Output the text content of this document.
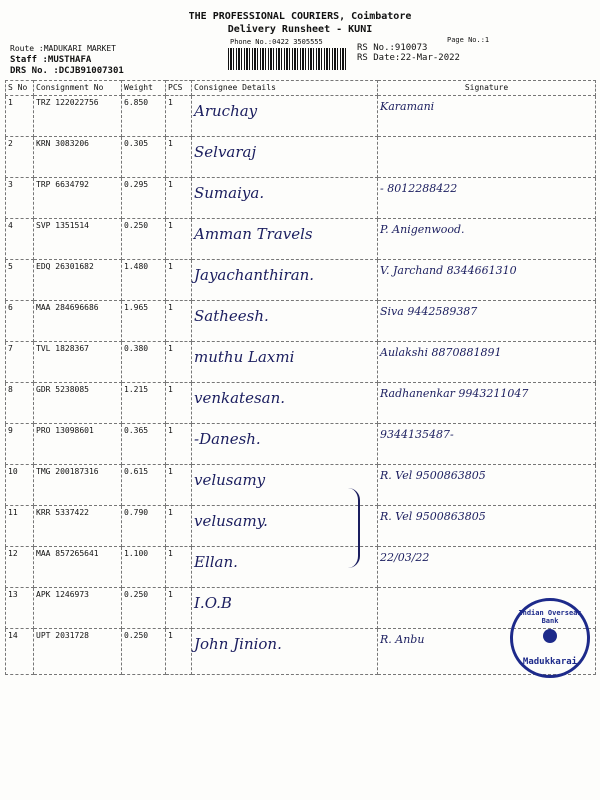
THE PROFESSIONAL COURIERS, Coimbatore
Delivery Runsheet - KUNI
Phone No.:0422 3505555	Page No.:1
Route :MADUKARI MARKET
Staff :MUSTHAFA
DRS No. :DCJB91007301
RS No.:910073
RS Date:22-Mar-2022
S No	Consignment No	Weight	PCS	Consignee Details	Signature
1	TRZ 122022756	6.850	1	Aruchay	Karamani

2	KRN 3083206	0.305	1	Selvaraj	

3	TRP 6634792	0.295	1	Sumaiya.	- 8012288422

4	SVP 1351514	0.250	1	Amman Travels	P. Anigenwood.

5	EDQ 26301682	1.480	1	Jayachanthiran.	V. Jarchand 8344661310

6	MAA 284696686	1.965	1	Satheesh.	Siva 9442589387

7	TVL 1828367	0.380	1	muthu Laxmi	Aulakshi 8870881891

8	GDR 5238085	1.215	1	venkatesan.	Radhanenkar 9943211047

9	PRO 13098601	0.365	1	-Danesh.	9344135487-

10	TMG 200187316	0.615	1	velusamy	R. Vel 9500863805

11	KRR 5337422	0.790	1	velusamy.	R. Vel 9500863805

12	MAA 857265641	1.100	1	Ellan.	22/03/22

13	APK 1246973	0.250	1	I.O.B	

14	UPT 2031728	0.250	1	John Jinion.	R. Anbu
Indian Overseas Bank
Madukkarai
